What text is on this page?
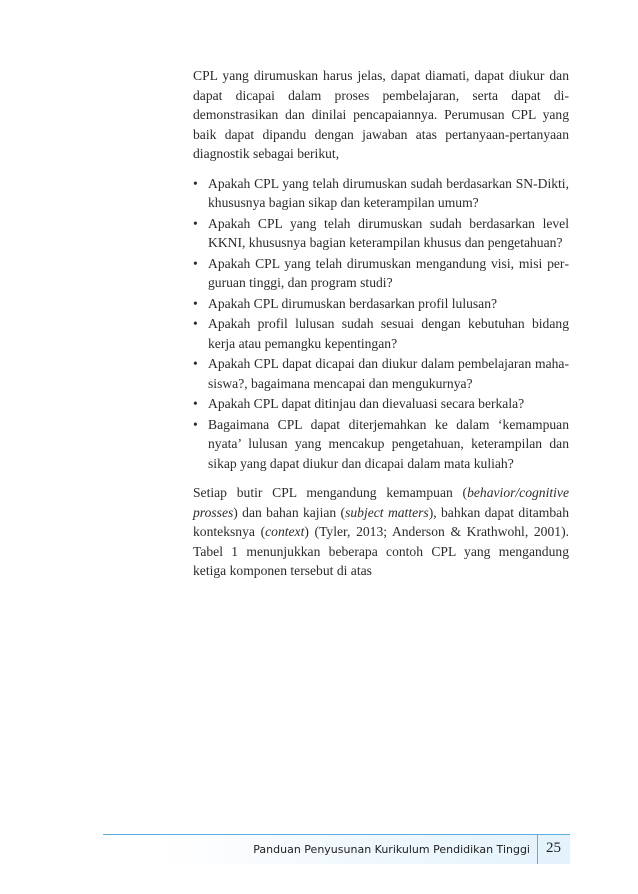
CPL yang dirumuskan harus jelas, dapat diamati, dapat diukur dan dapat dicapai dalam proses pembelajaran, serta dapat didemonstrasikan dan dinilai pencapaiannya. Perumusan CPL yang baik dapat dipandu dengan jawaban atas pertanyaan-pertanyaan diagnostik sebagai berikut,

• Apakah CPL yang telah dirumuskan sudah berdasarkan SN-Dikti, khususnya bagian sikap dan keterampilan umum?
• Apakah CPL yang telah dirumuskan sudah berdasarkan level KKNI, khususnya bagian keterampilan khusus dan pengetahuan?
• Apakah CPL yang telah dirumuskan mengandung visi, misi perguruan tinggi, dan program studi?
• Apakah CPL dirumuskan berdasarkan profil lulusan?
• Apakah profil lulusan sudah sesuai dengan kebutuhan bidang kerja atau pemangku kepentingan?
• Apakah CPL dapat dicapai dan diukur dalam pembelajaran mahasiswa?, bagaimana mencapai dan mengukurnya?
• Apakah CPL dapat ditinjau dan dievaluasi secara berkala?
• Bagaimana CPL dapat diterjemahkan ke dalam ‘kemampuan nyata’ lulusan yang mencakup pengetahuan, keterampilan dan sikap yang dapat diukur dan dicapai dalam mata kuliah?

Setiap butir CPL mengandung kemampuan (behavior/cognitive prosses) dan bahan kajian (subject matters), bahkan dapat ditambah konteksnya (context) (Tyler, 2013; Anderson & Krathwohl, 2001). Tabel 1 menunjukkan beberapa contoh CPL yang mengandung ketiga komponen tersebut di atas

Panduan Penyusunan Kurikulum Pendidikan Tinggi 25
